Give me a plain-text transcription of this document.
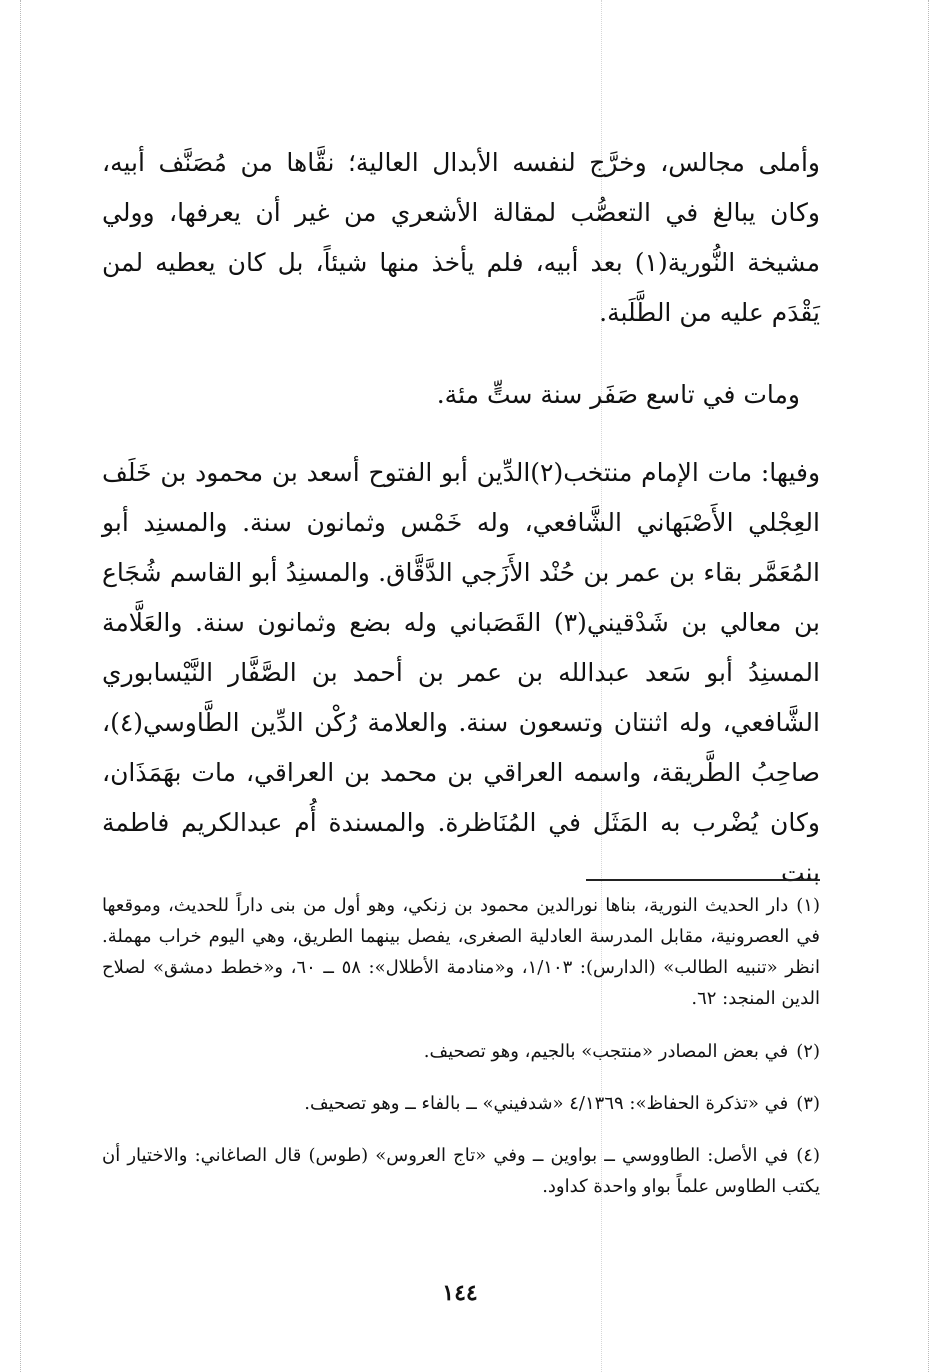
وأملى مجالس، وخرَّج لنفسه الأبدال العالية؛ نقَّاها من مُصَنَّف أبيه، وكان يبالغ في التعصُّب لمقالة الأشعري من غير أن يعرفها، وولي مشيخة النُّورية(١) بعد أبيه، فلم يأخذ منها شيئاً، بل كان يعطيه لمن يَقْدَم عليه من الطَّلَبة.

ومات في تاسع صَفَر سنة ستٍّ مئة.

وفيها: مات الإمام منتخب(٢)الدِّين أبو الفتوح أسعد بن محمود بن خَلَف العِجْلي الأَصْبَهاني الشَّافعي، وله خَمْس وثمانون سنة. والمسنِد أبو المُعَمَّر بقاء بن عمر بن حُنْد الأَزَجي الدَّقَّاق. والمسنِدُ أبو القاسم شُجَاع بن معالي بن شَدْقيني(٣) القَصَباني وله بضع وثمانون سنة. والعَلَّامة المسنِدُ أبو سَعد عبدالله بن عمر بن أحمد بن الصَّفَّار النَّيْسابوري الشَّافعي، وله اثنتان وتسعون سنة. والعلامة رُكْن الدِّين الطَّاوسي(٤)، صاحِبُ الطَّريقة، واسمه العراقي بن محمد بن العراقي، مات بهَمَذَان، وكان يُضْرب به المَثَل في المُنَاظرة. والمسندة أُم عبدالكريم فاطمة بنت

(١)دار الحديث النورية، بناها نورالدين محمود بن زنكي، وهو أول من بنى داراً للحديث، وموقعها في العصرونية، مقابل المدرسة العادلية الصغرى، يفصل بينهما الطريق، وهي اليوم خراب مهملة. انظر «تنبيه الطالب» (الدارس): ١/١٠٣، و«منادمة الأطلال»: ٥٨ ــ ٦٠، و«خطط دمشق» لصلاح الدين المنجد: ٦٢.
(٢)في بعض المصادر «منتجب» بالجيم، وهو تصحيف.
(٣)في «تذكرة الحفاظ»: ٤/١٣٦٩ «شدفيني» ــ بالفاء ــ وهو تصحيف.
(٤)في الأصل: الطاووسي ــ بواوين ــ وفي «تاج العروس» (طوس) قال الصاغاني: والاختيار أن يكتب الطاوس علماً بواو واحدة كداود.

١٤٤
